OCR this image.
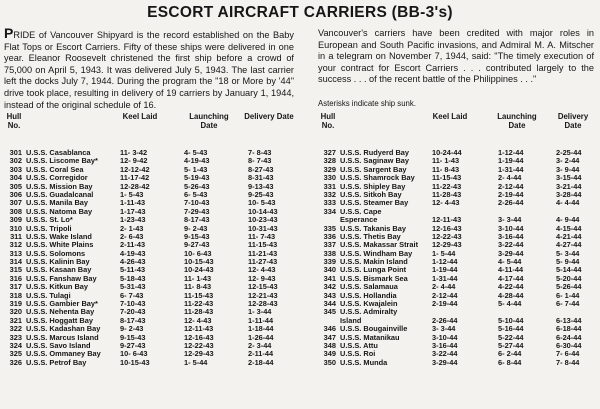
ESCORT AIRCRAFT CARRIERS (BB-3's)
PRIDE of Vancouver Shipyard is the record established on the Baby Flat Tops or Escort Carriers. Fifty of these ships were delivered in one year. Eleanor Roosevelt christened the first ship before a crowd of 75,000 on April 5, 1943. It was delivered July 5, 1943. The last carrier left the docks July 7, 1944. During the program the "18 or More by '44" drive took place, resulting in delivery of 19 carriers by January 1, 1944, instead of the original schedule of 16.
Vancouver's carriers have been credited with major roles in European and South Pacific invasions, and Admiral M. A. Mitscher in a telegram on November 7, 1944, said: "The timely execution of your contract for Escort Carriers . . . contributed largely to the success . . . of the recent battle of the Philippines . . ."
Asterisks indicate ship sunk.
Hull No.
Keel Laid	Launching Date
Delivery Date
301 U.S.S. Casablanca	11- 3-42	4- 5-43	7- 8-43
302 U.S.S. Liscome Bay*	12- 9-42	4-19-43	8- 7-43
303 U.S.S. Coral Sea	12-12-42	5- 1-43	8-27-43
304 U.S.S. Corregidor	11-17-42	5-19-43	8-31-43
305 U.S.S. Mission Bay	12-28-42	5-26-43	9-13-43
306 U.S.S. Guadalcanal	1- 5-43	6- 5-43	9-25-43
307 U.S.S. Manila Bay	1-11-43	7-10-43	10- 5-43
308 U.S.S. Natoma Bay	1-17-43	7-29-43	10-14-43
309 U.S.S. St. Lo*	1-23-43	8-17-43	10-23-43
310 U.S.S. Tripoli	2- 1-43	9- 2-43	10-31-43
311 U.S.S. Wake Island	2- 6-43	9-15-43	11- 7-43
312 U.S.S. White Plains	2-11-43	9-27-43	11-15-43
313 U.S.S. Solomons	4-19-43	10- 6-43	11-21-43
314 U.S.S. Kalinin Bay	4-26-43	10-15-43	11-27-43
315 U.S.S. Kasaan Bay	5-11-43	10-24-43	12- 4-43
316 U.S.S. Fanshaw Bay	5-18-43	11- 1-43	12- 9-43
317 U.S.S. Kitkun Bay	5-31-43	11- 8-43	12-15-43
318 U.S.S. Tulagi	6- 7-43	11-15-43	12-21-43
319 U.S.S. Gambier Bay*	7-10-43	11-22-43	12-28-43
320 U.S.S. Nehenta Bay	7-20-43	11-28-43	1- 3-44
321 U.S.S. Hoggatt Bay	8-17-43	12- 4-43	1-11-44
322 U.S.S. Kadashan Bay	9- 2-43	12-11-43	1-18-44
323 U.S.S. Marcus Island	9-15-43	12-16-43	1-26-44
324 U.S.S. Savo Island	9-27-43	12-22-43	2- 3-44
325 U.S.S. Ommaney Bay	10- 6-43	12-29-43	2-11-44
326 U.S.S. Petrof Bay	10-15-43	1- 5-44	2-18-44
Hull No.
Keel Laid	Launching Date
Delivery Date
327 U.S.S. Rudyerd Bay	10-24-44	1-12-44	2-25-44
328 U.S.S. Saginaw Bay	11- 1-43	1-19-44	3- 2-44
329 U.S.S. Sargent Bay	11- 8-43	1-31-44	3- 9-44
330 U.S.S. Shamrock Bay 11-15-43	2- 4-44	3-15-44
331 U.S.S. Shipley Bay	11-22-43	2-12-44	3-21-44
332 U.S.S. Sitkoh Bay	11-28-43	2-19-44	3-28-44
333 U.S.S. Steamer Bay	12- 4-43	2-26-44	4- 4-44
334 U.S.S. Cape
Esperance	12-11-43	3- 3-44	4- 9-44
335 U.S.S. Takanis Bay	12-16-43	3-10-44	4-15-44
336 U.S.S. Thetis Bay	12-22-43	3-16-44	4-21-44
337 U.S.S. Makassar Strait 12-29-43	3-22-44	4-27-44
338 U.S.S. Windham Bay	1- 5-44	3-29-44	5- 3-44
339 U.S.S. Makin Island	1-12-44	4- 5-44	5- 9-44
340 U.S.S. Lunga Point	1-19-44	4-11-44	5-14-44
341 U.S.S. Bismark Sea	1-31-44	4-17-44	5-20-44
342 U.S.S. Salamaua	2- 4-44	4-22-44	5-26-44
343 U.S.S. Hollandia	2-12-44	4-28-44	6- 1-44
344 U.S.S. Kwajalein	2-19-44	5- 4-44	6- 7-44
345 U.S.S. Admiralty
Island	2-26-44	5-10-44	6-13-44
346 U.S.S. Bougainville	3- 3-44	5-16-44	6-18-44
347 U.S.S. Matanikau	3-10-44	5-22-44	6-24-44
348 U.S.S. Attu	3-16-44	5-27-44	6-30-44
349 U.S.S. Roi	3-22-44	6- 2-44	7- 6-44
350 U.S.S. Munda	3-29-44	6- 8-44	7- 8-44
